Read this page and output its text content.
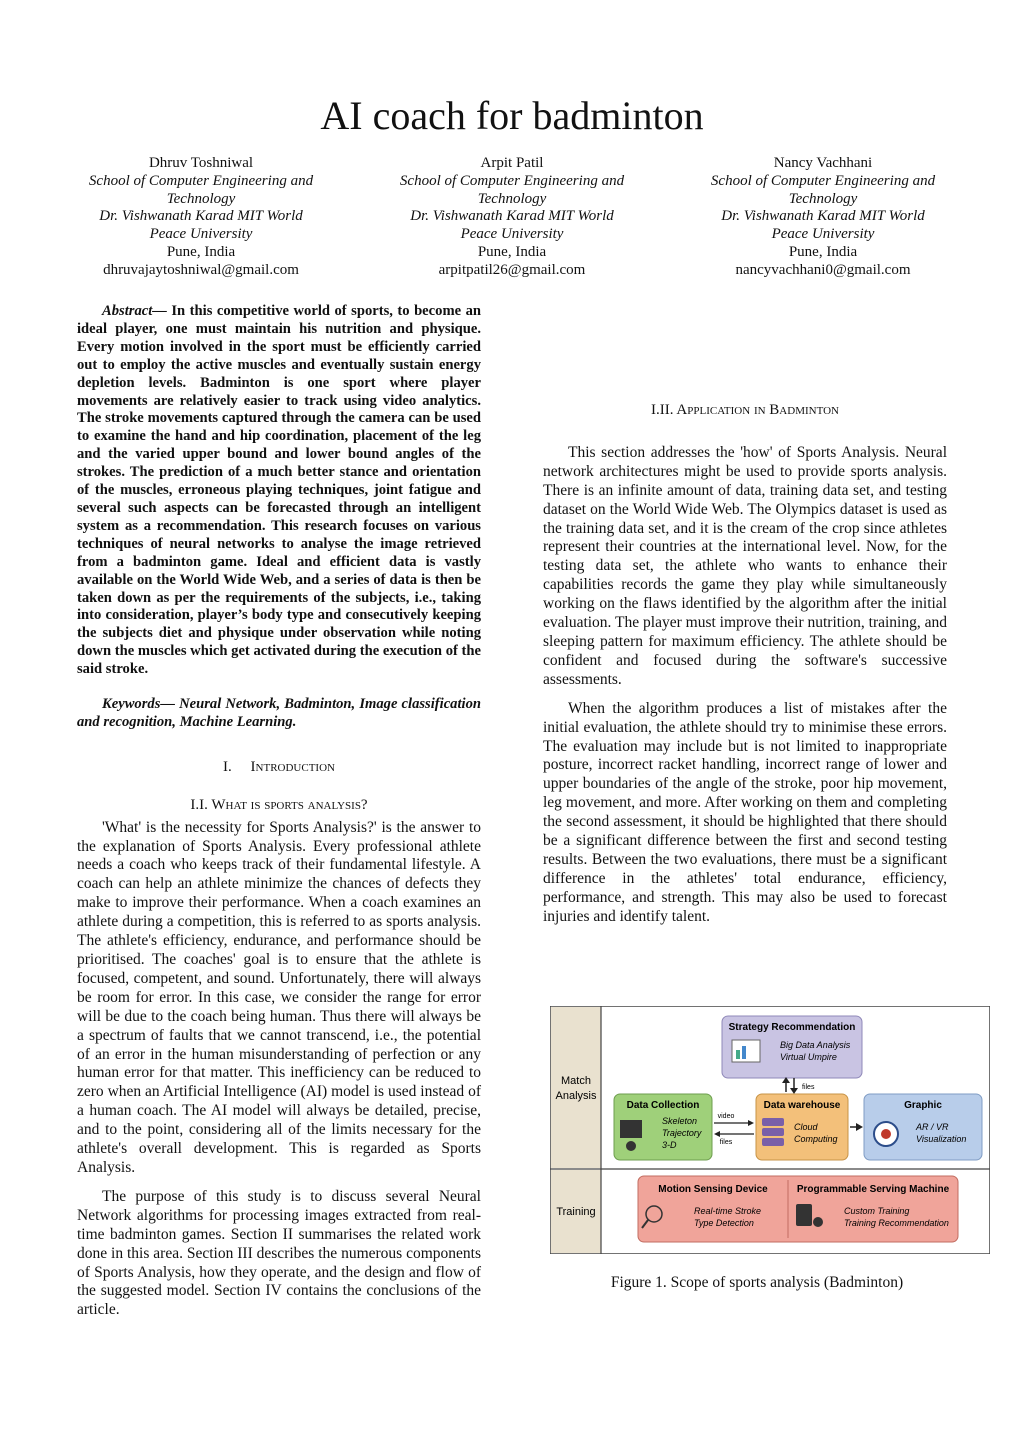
AI coach for badminton
Dhruv Toshniwal
School of Computer Engineering and
Technology
Dr. Vishwanath Karad MIT World
Peace University
Pune, India
dhruvajaytoshniwal@gmail.com
Arpit Patil
School of Computer Engineering and
Technology
Dr. Vishwanath Karad MIT World
Peace University
Pune, India
arpitpatil26@gmail.com
Nancy Vachhani
School of Computer Engineering and
Technology
Dr. Vishwanath Karad MIT World
Peace University
Pune, India
nancyvachhani0@gmail.com

Abstract— In this competitive world of sports, to become an ideal player, one must maintain his nutrition and physique. Every motion involved in the sport must be efficiently carried out to employ the active muscles and eventually sustain energy depletion levels. Badminton is one sport where player movements are relatively easier to track using video analytics. The stroke movements captured through the camera can be used to examine the hand and hip coordination, placement of the leg and the varied upper bound and lower bound angles of the strokes. The prediction of a much better stance and orientation of the muscles, erroneous playing techniques, joint fatigue and several such aspects can be forecasted through an intelligent system as a recommendation. This research focuses on various techniques of neural networks to analyse the image retrieved from a badminton game. Ideal and efficient data is vastly available on the World Wide Web, and a series of data is then be taken down as per the requirements of the subjects, i.e., taking into consideration, player’s body type and consecutively keeping the subjects diet and physique under observation while noting down the muscles which get activated during the execution of the said stroke.

Keywords— Neural Network, Badminton, Image classification and recognition, Machine Learning.

I. Introduction

I.I. What is sports analysis?

'What' is the necessity for Sports Analysis?' is the answer to the explanation of Sports Analysis. Every professional athlete needs a coach who keeps track of their fundamental lifestyle. A coach can help an athlete minimize the chances of defects they make to improve their performance. When a coach examines an athlete during a competition, this is referred to as sports analysis. The athlete's efficiency, endurance, and performance should be prioritised. The coaches' goal is to ensure that the athlete is focused, competent, and sound. Unfortunately, there will always be room for error. In this case, we consider the range for error will be due to the coach being human. Thus there will always be a spectrum of faults that we cannot transcend, i.e., the potential of an error in the human misunderstanding of perfection or any human error for that matter. This inefficiency can be reduced to zero when an Artificial Intelligence (AI) model is used instead of a human coach. The AI model will always be detailed, precise, and to the point, considering all of the limits necessary for the athlete's overall development. This is regarded as Sports Analysis.

The purpose of this study is to discuss several Neural Network algorithms for processing images extracted from real-time badminton games. Section II summarises the related work done in this area. Section III describes the numerous components of Sports Analysis, how they operate, and the design and flow of the suggested model. Section IV contains the conclusions of the article.

I.II. Application in Badminton

This section addresses the 'how' of Sports Analysis. Neural network architectures might be used to provide sports analysis. There is an infinite amount of data, training data set, and testing dataset on the World Wide Web. The Olympics dataset is used as the training data set, and it is the cream of the crop since athletes represent their countries at the international level. Now, for the testing data set, the athlete who wants to enhance their capabilities records the game they play while simultaneously working on the flaws identified by the algorithm after the initial evaluation. The player must improve their nutrition, training, and sleeping pattern for maximum efficiency. The athlete should be confident and focused during the software's successive assessments.

When the algorithm produces a list of mistakes after the initial evaluation, the athlete should try to minimise these errors. The evaluation may include but is not limited to inappropriate posture, incorrect racket handling, incorrect range of lower and upper boundaries of the angle of the stroke, poor hip movement, leg movement, and more. After working on them and completing the second assessment, it should be highlighted that there should be a significant difference between the first and second testing results. Between the two evaluations, there must be a significant difference in the athletes' total endurance, efficiency, performance, and strength. This may also be used to forecast injuries and identify talent.

Match
Analysis
Training
Strategy Recommendation
Big Data Analysis
Virtual Umpire
files
Data Collection
Skeleton
Trajectory
3-D
video
files
Data warehouse
Cloud
Computing
Graphic
AR / VR
Visualization
Motion Sensing Device
Real-time Stroke
Type Detection
Programmable Serving Machine
Custom Training
Training Recommendation
Figure 1. Scope of sports analysis (Badminton)
